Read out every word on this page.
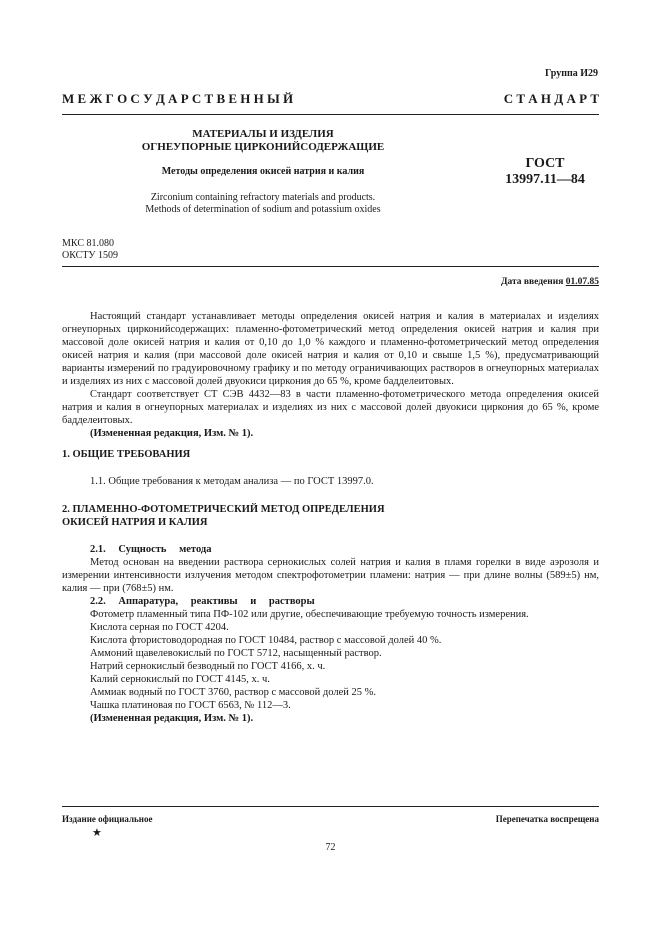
Группа И29
М Е Ж Г О С У Д А Р С Т В Е Н Н Ы Й	С Т А Н Д А Р Т
МАТЕРИАЛЫ И ИЗДЕЛИЯ
ОГНЕУПОРНЫЕ ЦИРКОНИЙСОДЕРЖАЩИЕ
Методы определения окисей натрия и калия
Zirconium containing refractory materials and products.
Methods of determination of sodium and potassium oxides
ГОСТ
13997.11—84
МКС 81.080
ОКСТУ 1509
Дата введения 01.07.85

Настоящий стандарт устанавливает методы определения окисей натрия и калия в материалах и изделиях огнеупорных цирконийсодержащих: пламенно-фотометрический метод определения окисей натрия и калия при массовой доле окисей натрия и калия от 0,10 до 1,0 % каждого и пламенно-фотометрический метод определения окисей натрия и калия (при массовой доле окисей натрия и калия от 0,10 и свыше 1,5 %), предусматривающий варианты измерений по градуировочному графику и по методу ограничивающих растворов в огнеупорных материалах и изделиях из них с массовой долей двуокиси циркония до 65 %, кроме бадделеитовых.

Стандарт соответствует СТ СЭВ 4432—83 в части пламенно-фотометрического метода определения окисей натрия и калия в огнеупорных материалах и изделиях из них с массовой долей двуокиси циркония до 65 %, кроме бадделеитовых.

(Измененная редакция, Изм. № 1).

1. ОБЩИЕ ТРЕБОВАНИЯ

1.1. Общие требования к методам анализа — по ГОСТ 13997.0.

2. ПЛАМЕННО-ФОТОМЕТРИЧЕСКИЙ МЕТОД ОПРЕДЕЛЕНИЯ

ОКИСЕЙ НАТРИЯ И КАЛИЯ

2.1. Сущность метода

Метод основан на введении раствора сернокислых солей натрия и калия в пламя горелки в виде аэрозоля и измерении интенсивности излучения методом спектрофотометрии пламени: натрия — при длине волны (589±5) нм, калия — при (768±5) нм.

2.2. Аппаратура, реактивы и растворы

Фотометр пламенный типа ПФ-102 или другие, обеспечивающие требуемую точность измерения.

Кислота серная по ГОСТ 4204.

Кислота фтористоводородная по ГОСТ 10484, раствор с массовой долей 40 %.

Аммоний щавелевокислый по ГОСТ 5712, насыщенный раствор.

Натрий сернокислый безводный по ГОСТ 4166, х. ч.

Калий сернокислый по ГОСТ 4145, х. ч.

Аммиак водный по ГОСТ 3760, раствор с массовой долей 25 %.

Чашка платиновая по ГОСТ 6563, № 112—3.

(Измененная редакция, Изм. № 1).

Издание официальное	Перепечатка воспрещена
★
72
